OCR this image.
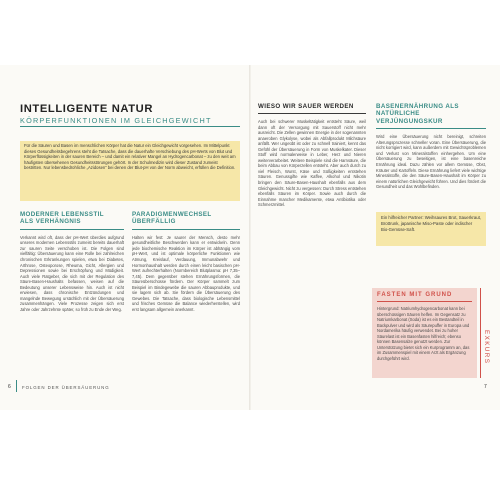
INTELLIGENTE NATUR
KÖRPERFUNKTIONEN IM GLEICHGEWICHT
Für die Säuren und Basen im menschlichen Körper hat die Natur ein Gleichgewicht vorgesehen. Im Mittelpunkt dieses Gesundheitsbegehrens steht die Tatsache, dass die dauerhafte Verschiebung des pH-Werts von Blut und Körperflüssigkeiten in der sauren Bereich – und damit ein relativer Mangel an Hydrogencarbonat – zu den weit am häufigsten übersehenen Gesundheitsstörungen gehört. In der Schulmedizin wird dieser Zustand zumeist bestritten. Nur lebensbedrohliche „Azidosen“ bei denen der Blut-pH von der Norm abweicht, erfüllen die Definition.
MODERNER LEBENSSTIL
ALS VERHÄNGNIS
Verkannt wird oft, dass der pH-Wert überdies aufgrund unseres modernen Lebensstils zumeist bereits dauerhaft zur sauren Seite verschoben ist. Die Folgen sind vielfältig: Übersäuerung kann eine Rolle bei zahlreichen chronischen Erkrankungen spielen, etwa bei Diabetes, Arthrose, Osteoporose, Rheuma, Gicht, Allergien und Depressionen sowie bei Erschöpfung und Müdigkeit. Auch viele Ratgeber, die sich mit der Regulation des Säure-Basen-Haushalts befassen, weisen auf die Bedeutung unserer Lebensweise hin. Auch ist nicht erwiesen, dass chronische Entzündungen und mangelnde Bewegung ursächlich mit der Übersäuerung zusammenhängen. Viele Prozesse zeigen sich erst Jahre oder Jahrzehnte später, so früh zu Ende der Weg.
PARADIGMENWECHSEL
ÜBERFÄLLIG
Halten wir fest: Je saurer der Mensch, desto mehr gesundheitliche Beschwerden kann er entwickeln. Denn jede biochemische Reaktion im Körper ist abhängig vom pH-Wert, und ist optimale körperliche Funktionen wie Atmung, Kreislauf, Verdauung, Immunabwehr und Hormonhaushalt werden durch einen leicht basischen pH-Wert aufrechterhalten (Normbereich Blutplasma: pH 7,35–7,45). Dem gegenüber stehen Ernährungsformen, die Säureüberschüsse fördern. Der Körper sammelt zum Beispiel im Bindegewebe die sauren Abbauprodukte, und sie lagern sich ab. Sie fördern die Übersäuerung des Gewebes. Die Tatsache, dass biologische Lebensmittel und frisches Gemüse die Balance wiederherstellen, wird erst langsam allgemein anerkannt.
6	FOLGEN DER ÜBERSÄUERUNG
WIESO WIR SAUER WERDEN
Auch bei schwerer Muskeltätigkeit entsteht Säure, weil dann oft der Versorgung mit Sauerstoff nicht mehr ausreicht. Die Zellen gewinnen Energie in der sogenannten anaeroben Glykolyse, wobei als Abfallprodukt Milchsäure anfällt. Wer ungeübt ist oder zu schnell trainiert, kennt das Gefühl der Übersäuerung in Form von Muskelkater. Dieser Stoff wird normalerweise in Leber, Herz und Nieren weiterverarbeitet. Weitere Beispiele sind die Harnsäure, die beim Abbau von Körperzellen entsteht. Aber auch durch zu viel Fleisch, Wurst, Käse und Süßigkeiten entstehen Säuren. Genussgifte wie Kaffee, Alkohol und Nikotin bringen den Säure-Basen-Haushalt ebenfalls aus dem Gleichgewicht. Nicht zu vergessen: Durch Stress entstehen ebenfalls Säuren im Körper. Sowie auch durch die Einnahme mancher Medikamente, etwa Antibiotika oder Schmerzmittel.
BASENERNÄHRUNG ALS
NATÜRLICHE
VERJÜNGUNGSKUR
Wird eine Übersäuerung nicht bereinigt, schreiten Alterungsprozesse schneller voran. Eine Übersäuerung, die nicht korrigiert wird, kann außerdem mit Gewichtsproblemen und Verlust von Mineralstoffen einhergehen. Um eine Übersäuerung zu beseitigen, ist eine basenreiche Ernährung ideal. Dazu zählen vor allem Gemüse, Obst, Kräuter und Kartoffeln. Diese Ernährung liefert viele wichtige Mineralstoffe, die den Säure-Basen-Haushalt im Körper zu einem natürlichen Gleichgewicht führen. Und dies fördert die Gesundheit und das Wohlbefinden.
Ein hilfreicher Partner: Weihsaures Brot, Sauerkraut, Brottrunk, japanische Miso-Paste oder indischer Bio-Gemüse-Saft.
FASTEN MIT GRUND
Hintergrund: Natriumhydrogencarbonat kann bei überschüssigen Säuren helfen. Im Gegensatz zu Natriumkarbonat (Soda) ist es ein Bestandteil in Backpulver und wird als Säurepuffer in Europa und Nordamerika häufig verwendet. Bei zu hoher Säurelast ist ein Basenfasten hilfreich; ebenso können Basensalze genutzt werden. Zur Unterstützung bietet sich ein Kurprogramm an, das im Zusammenspiel mit einem Arzt als Ergänzung durchgeführt wird.	EXKURS
7
